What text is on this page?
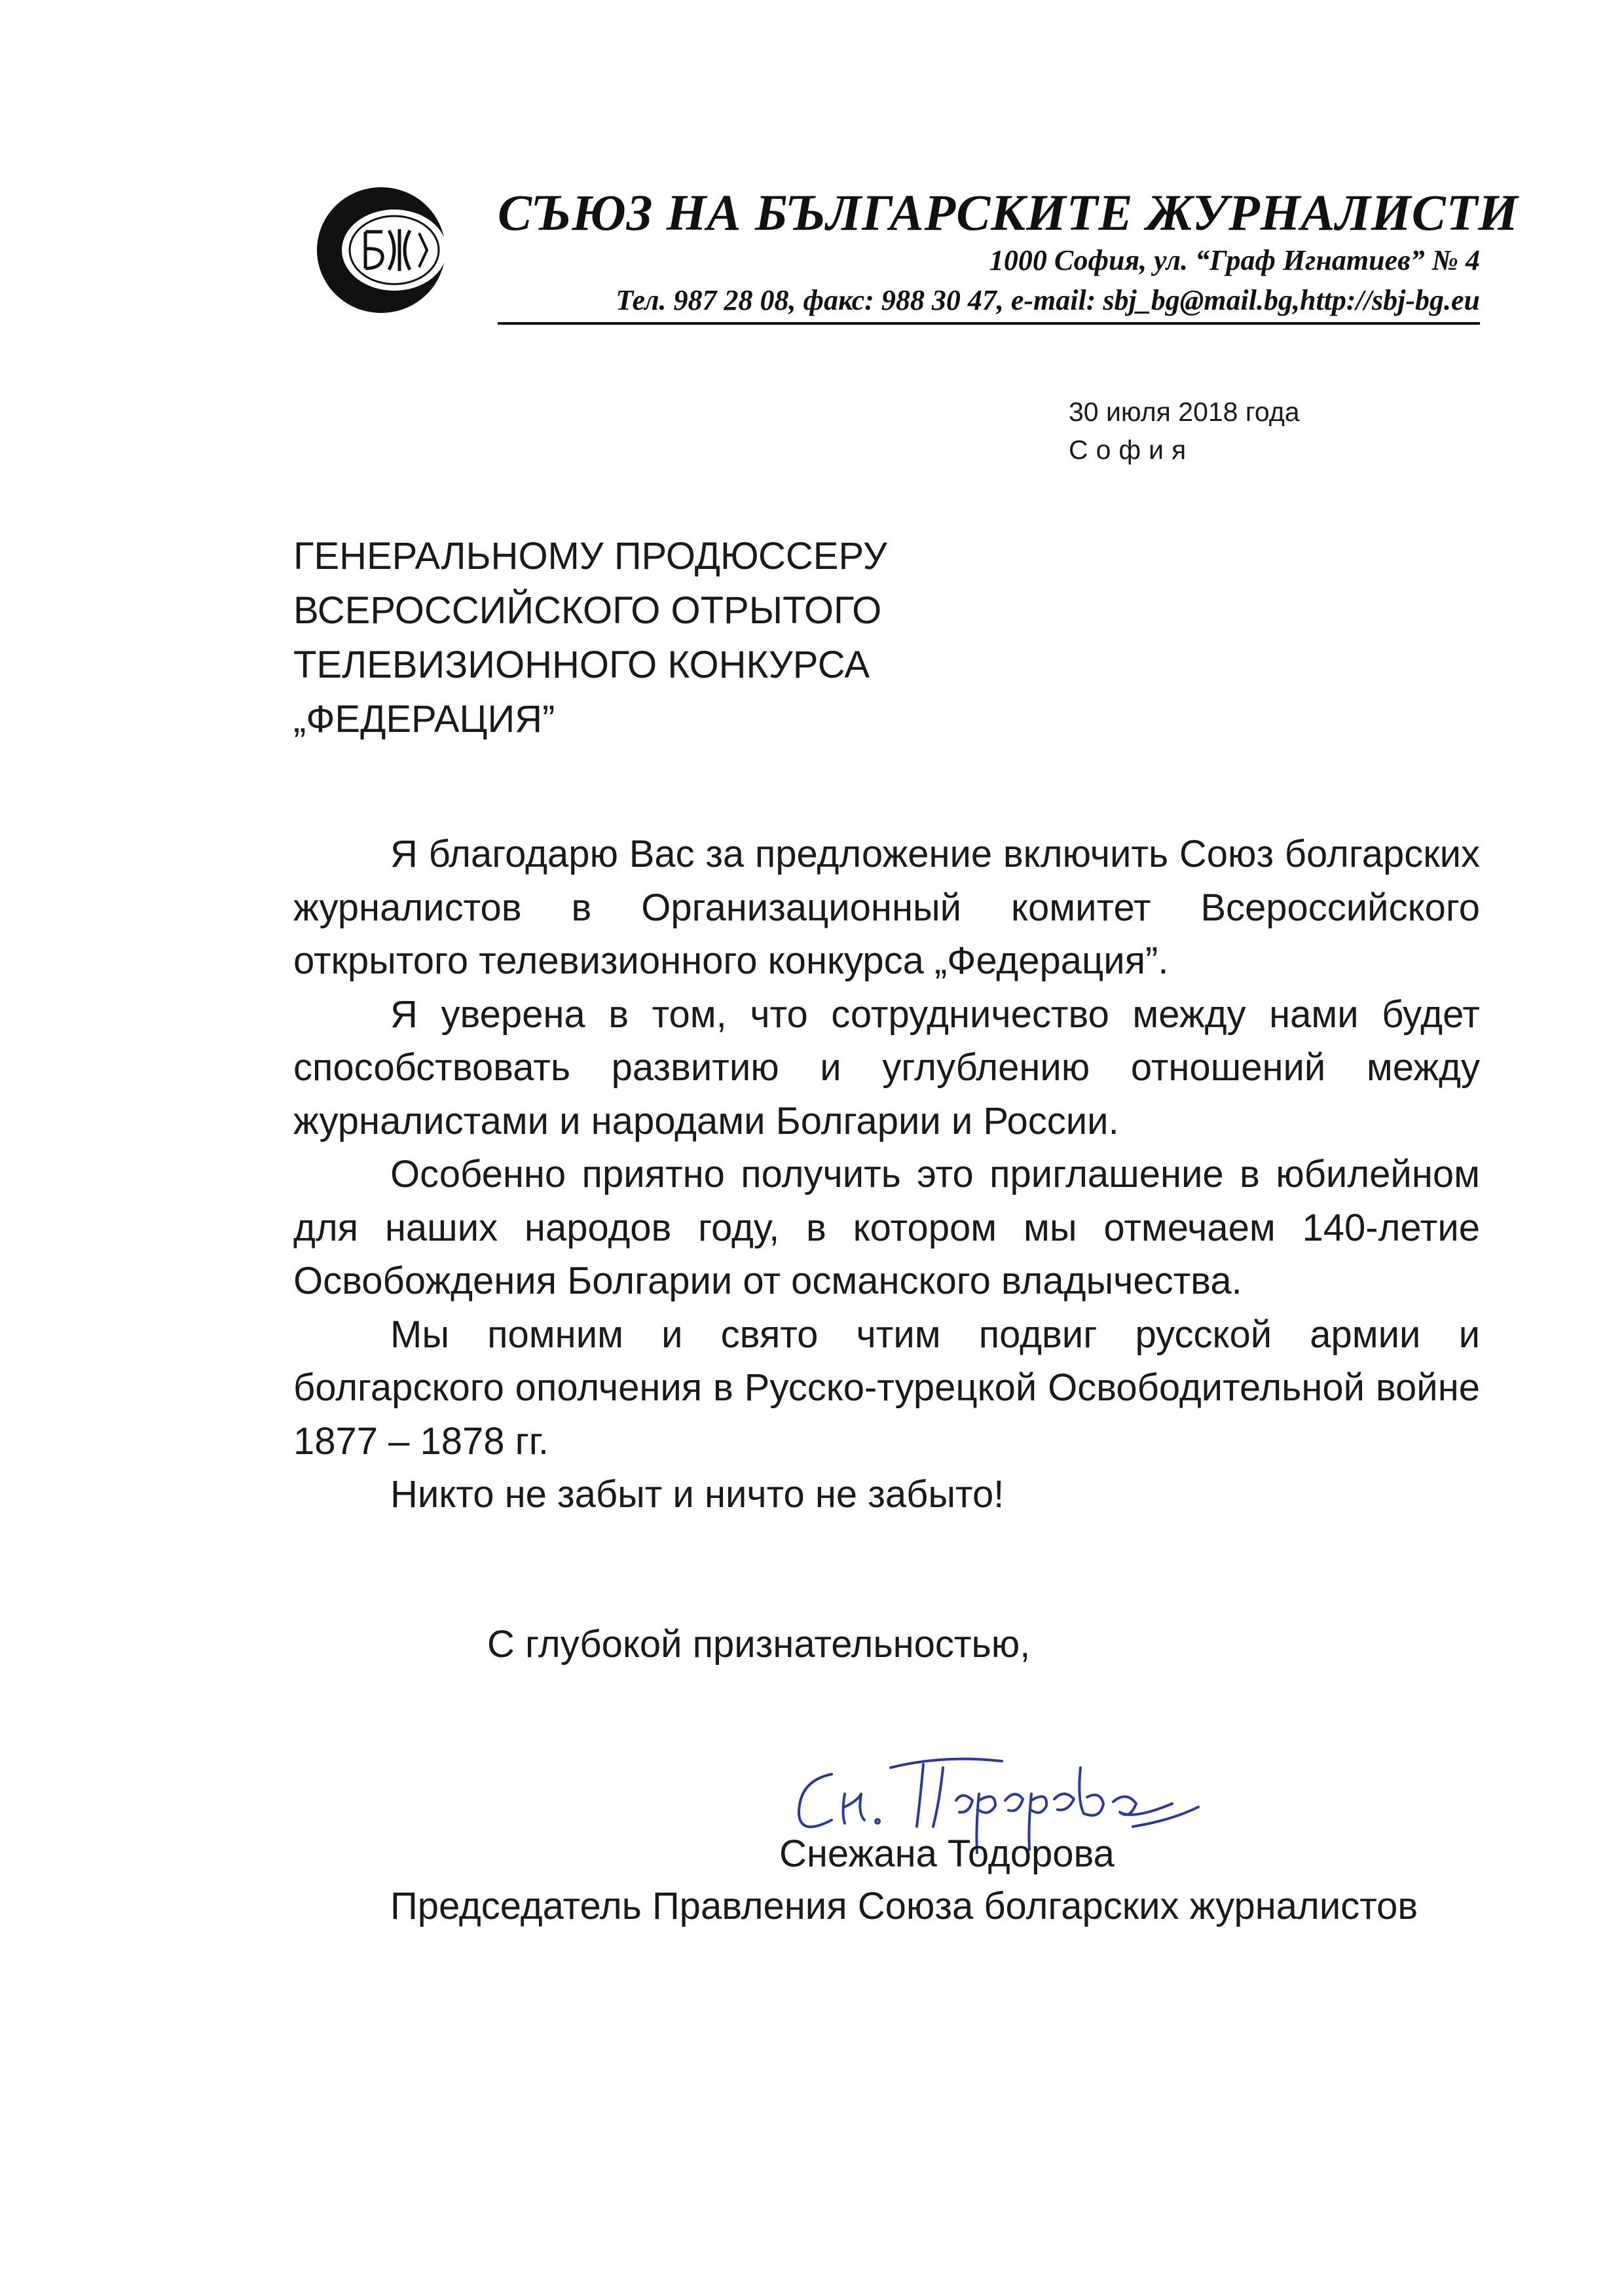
СЪЮЗ НА БЪЛГАРСКИТЕ ЖУРНАЛИСТИ
1000 София, ул. “Граф Игнатиев” № 4
Тел. 987 28 08, факс: 988 30 47, e-mail: sbj_bg@mail.bg,http://sbj-bg.eu
30 июля 2018 года
София
ГЕНЕРАЛЬНОМУ ПРОДЮССЕРУ
ВСЕРОССИЙСКОГО ОТРЫТОГО
ТЕЛЕВИЗИОННОГО КОНКУРСА
„ФЕДЕРАЦИЯ”

Я благодарю Вас за предложение включить Союз болгарских журналистов в Организационный комитет Всероссийского открытого телевизионного конкурса „Федерация”.

Я уверена в том, что сотрудничество между нами будет способствовать развитию и углублению отношений между журналистами и народами Болгарии и России.

Особенно приятно получить это приглашение в юбилейном для наших народов году, в котором мы отмечаем 140-летие Освобождения Болгарии от османского владычества.

Мы помним и свято чтим подвиг русской армии и болгарского ополчения в Русско-турецкой Освободительной войне 1877 – 1878 гг.

Никто не забыт и ничто не забыто!

С глубокой признательностью,
Снежана Тодорова
Председатель Правления Союза болгарских журналистов
